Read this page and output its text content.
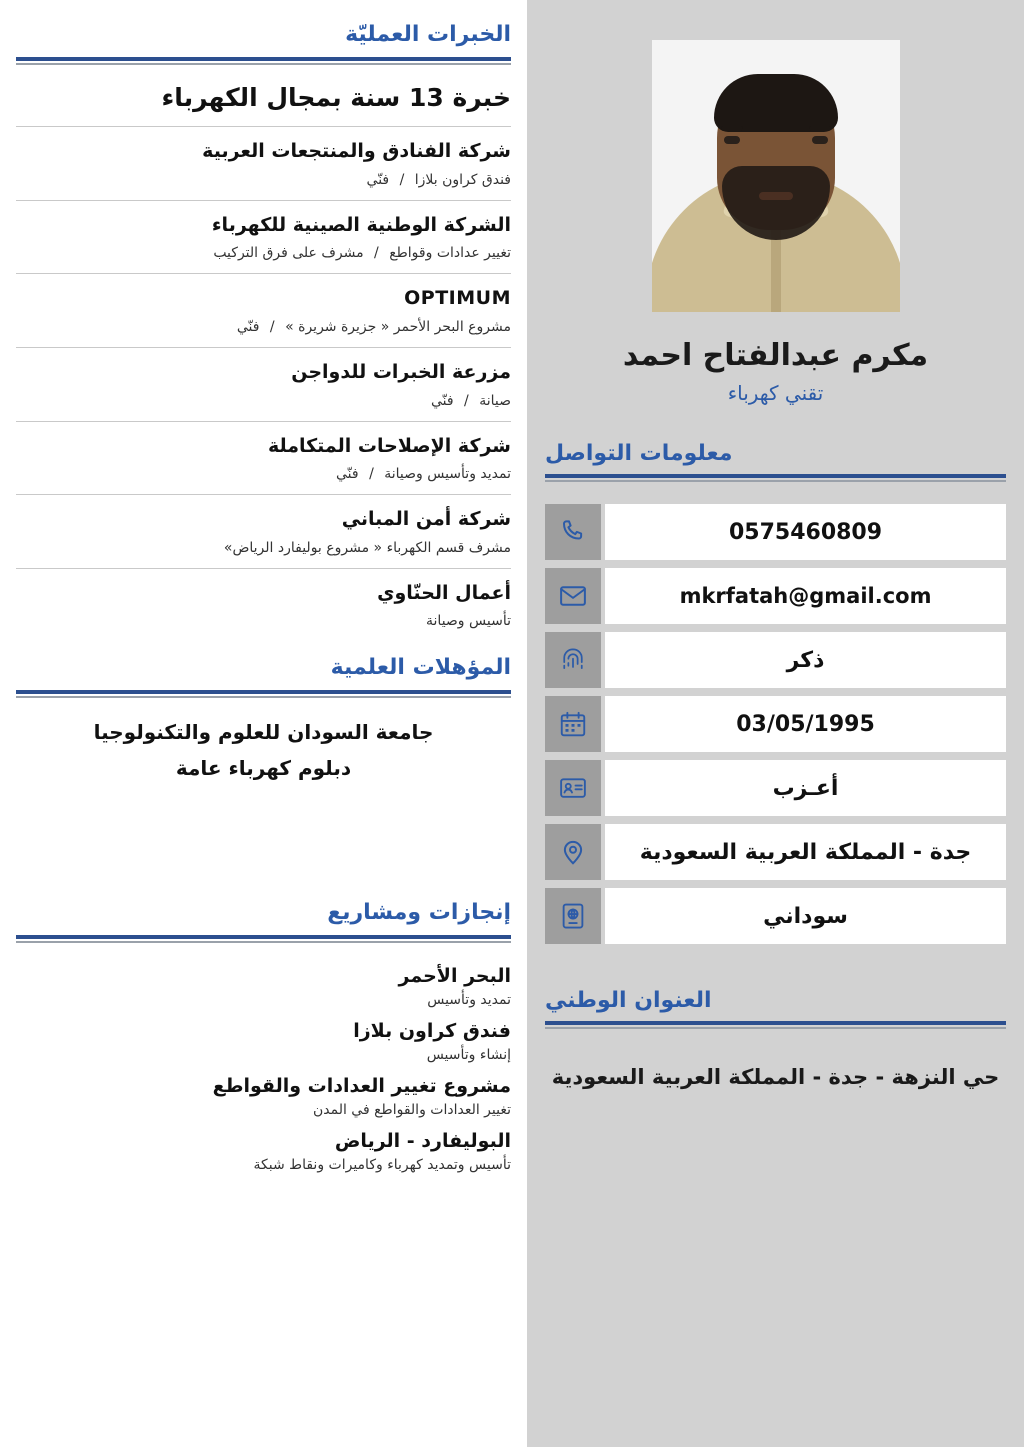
الخبرات العمليّة
خبرة 13 سنة بمجال الكهرباء
شركة الفنادق والمنتجعات العربية
فندق كراون بلازا / فنّي
الشركة الوطنية الصينية للكهرباء
تغيير عدادات وقواطع / مشرف على فرق التركيب
OPTIMUM
مشروع البحر الأحمر « جزيرة شريرة » / فنّي
مزرعة الخبرات للدواجن
صيانة / فنّي
شركة الإصلاحات المتكاملة
تمديد وتأسيس وصيانة / فنّي
شركة أمن المباني
مشرف قسم الكهرباء « مشروع بوليفارد الرياض»
أعمال الحنّاوي
تأسيس وصيانة
المؤهلات العلمية
جامعة السودان للعلوم والتكنولوجيا
دبلوم كهرباء عامة
إنجازات ومشاريع
البحر الأحمر
تمديد وتأسيس
فندق كراون بلازا
إنشاء وتأسيس
مشروع تغيير العدادات والقواطع
تغيير العدادات والقواطع في المدن
البوليفارد - الرياض
تأسيس وتمديد كهرباء وكاميرات ونقاط شبكة
مكرم عبدالفتاح احمد
تقني كهرباء
معلومات التواصل
0575460809
mkrfatah@gmail.com
ذكر
03/05/1995
أعـزب
جدة - المملكة العربية السعودية
سوداني
العنوان الوطني
حي النزهة - جدة - المملكة العربية السعودية
